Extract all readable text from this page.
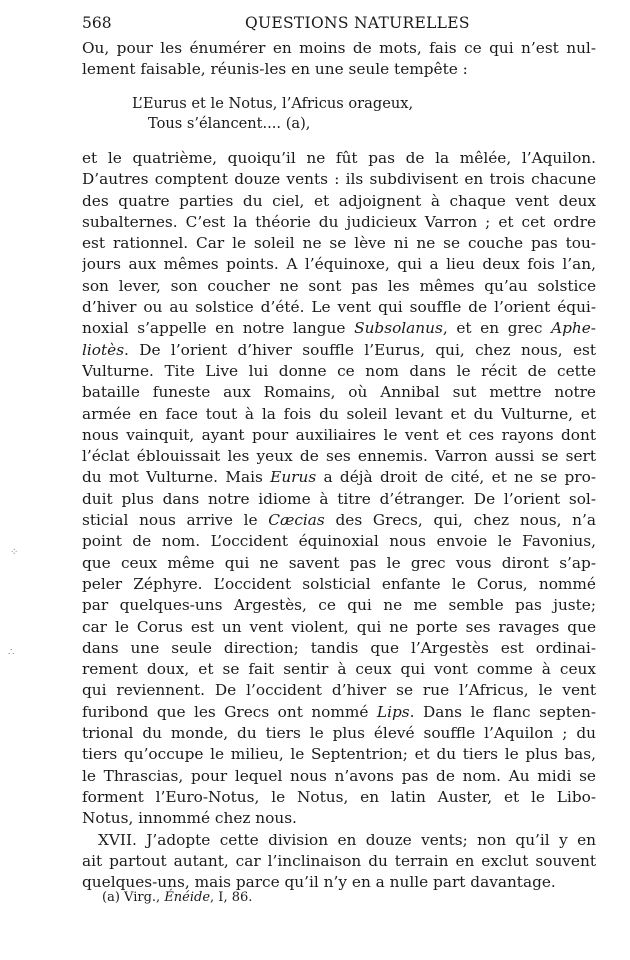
568	QUESTIONS NATURELLES
Ou, pour les énumérer en moins de mots, fais ce qui n’est nul-
lement faisable, réunis-les en une seule tempête :
L’Eurus et le Notus, l’Africus orageux,
Tous s’élancent.... (a),
et le quatrième, quoiqu’il ne fût pas de la mêlée, l’Aquilon.
D’autres comptent douze vents : ils subdivisent en trois chacune
des quatre parties du ciel, et adjoignent à chaque vent deux
subalternes. C’est la théorie du judicieux Varron ; et cet ordre
est rationnel. Car le soleil ne se lève ni ne se couche pas tou-
jours aux mêmes points. A l’équinoxe, qui a lieu deux fois l’an,
son lever, son coucher ne sont pas les mêmes qu’au solstice
d’hiver ou au solstice d’été. Le vent qui souffle de l’orient équi-
noxial s’appelle en notre langue Subsolanus, et en grec Aphe-
liotès. De l’orient d’hiver souffle l’Eurus, qui, chez nous, est
Vulturne. Tite Live lui donne ce nom dans le récit de cette
bataille funeste aux Romains, où Annibal sut mettre notre
armée en face tout à la fois du soleil levant et du Vulturne, et
nous vainquit, ayant pour auxiliaires le vent et ces rayons dont
l’éclat éblouissait les yeux de ses ennemis. Varron aussi se sert
du mot Vulturne. Mais Eurus a déjà droit de cité, et ne se pro-
duit plus dans notre idiome à titre d’étranger. De l’orient sol-
sticial nous arrive le Cæcias des Grecs, qui, chez nous, n’a
point de nom. L’occident équinoxial nous envoie le Favonius,
que ceux même qui ne savent pas le grec vous diront s’ap-
peler Zéphyre. L’occident solsticial enfante le Corus, nommé
par quelques-uns Argestès, ce qui ne me semble pas juste;
car le Corus est un vent violent, qui ne porte ses ravages que
dans une seule direction; tandis que l’Argestès est ordinai-
rement doux, et se fait sentir à ceux qui vont comme à ceux
qui reviennent. De l’occident d’hiver se rue l’Africus, le vent
furibond que les Grecs ont nommé Lips. Dans le flanc septen-
trional du monde, du tiers le plus élevé souffle l’Aquilon ; du
tiers qu’occupe le milieu, le Septentrion; et du tiers le plus bas,
le Thrascias, pour lequel nous n’avons pas de nom. Au midi se
forment l’Euro-Notus, le Notus, en latin Auster, et le Libo-
Notus, innommé chez nous.
XVII. J’adopte cette division en douze vents; non qu’il y en
ait partout autant, car l’inclinaison du terrain en exclut souvent
quelques-uns, mais parce qu’il n’y en a nulle part davantage.
(a) Virg., Énéide, I, 86.
⁘
∴
